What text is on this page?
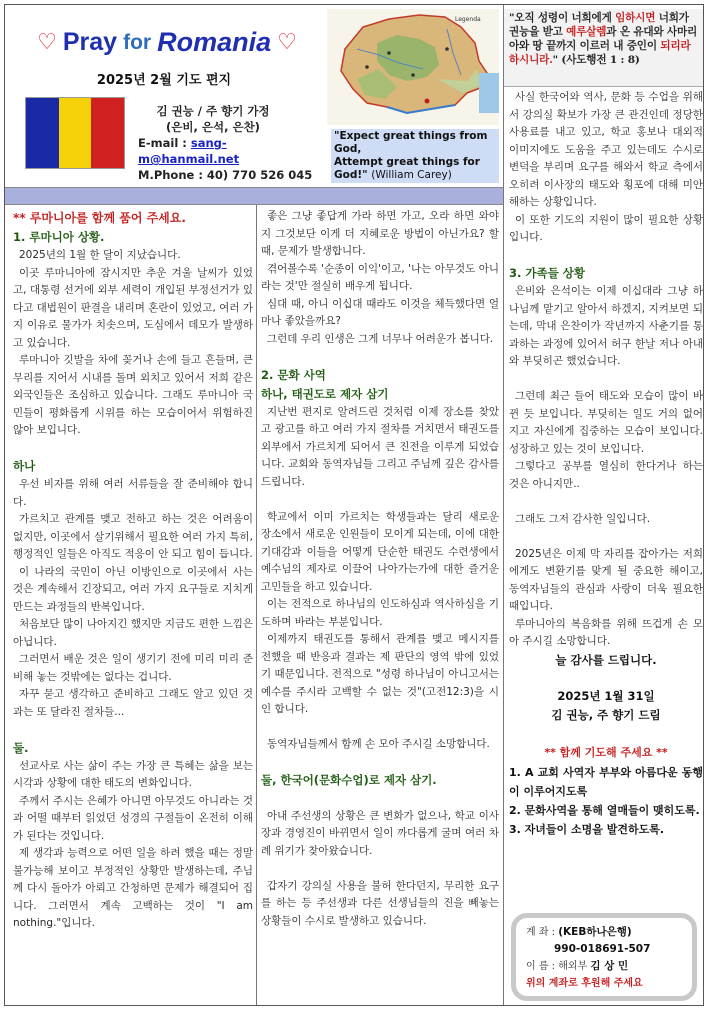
♡ Pray for Romania ♡
2025년 2월 기도 편지
김 권능 / 주 향기 가정
(은비, 은석, 은찬)
E-mail : sang-m@hanmail.net
M.Phone : 40) 770 526 045
Legenda
"Expect great things from God,
Attempt great things for God!" (William Carey)
"오직 성령이 너희에게 임하시면 너희가 권능을 받고 예루살렘과 온 유대와 사마리아와 땅 끝까지 이르러 내 증인이 되리라 하시니라." (사도행전 1 : 8)
** 루마니아를 함께 품어 주세요.
1. 루마니아 상황.

2025년의 1월 한 달이 지났습니다.

이곳 루마니아에 잠시지만 추운 겨울 날씨가 있었고, 대통령 선거에 외부 세력이 개입된 부정선거가 있다고 대법원이 판결을 내리며 혼란이 있었고, 여러 가지 이유로 물가가 치솟으며, 도심에서 데모가 발생하고 있습니다.

루마니아 깃발을 차에 꽂거나 손에 들고 흔들며, 큰 무리를 지어서 시내를 돌며 외치고 있어서 저희 같은 외국인들은 조심하고 있습니다. 그래도 루마니아 국민들이 평화롭게 시위를 하는 모습이어서 위험하진 않아 보입니다.

하나

우선 비자를 위해 여러 서류들을 잘 준비해야 합니다.

가르치고 관계를 맺고 전하고 하는 것은 어려움이 없지만, 이곳에서 살기위해서 필요한 여러 가지 특히, 행정적인 일들은 아직도 적응이 안 되고 힘이 듭니다.

이 나라의 국민이 아닌 이방인으로 이곳에서 사는 것은 계속해서 긴장되고, 여러 가지 요구들로 지치게 만드는 과정들의 반복입니다.

처음보단 많이 나아지긴 했지만 지금도 편한 느낌은 아닙니다.

그러면서 배운 것은 일이 생기기 전에 미리 미리 준비해 놓는 것밖에는 없다는 겁니다.

자꾸 묻고 생각하고 준비하고 그래도 알고 있던 것과는 또 달라진 절차들...

둘.

선교사로 사는 삶이 주는 가장 큰 특혜는 삶을 보는 시각과 상황에 대한 태도의 변화입니다.

주께서 주시는 은혜가 아니면 아무것도 아니라는 것과 어떨 때부터 읽었던 성경의 구절들이 온전히 이해가 된다는 것입니다.

제 생각과 능력으로 어떤 일을 하려 했을 때는 정말 불가능해 보이고 부정적인 상황만 발생하는데, 주님께 다시 돌아가 아뢰고 간청하면 문제가 해결되어 집니다. 그러면서 계속 고백하는 것이 "I am nothing."입니다.

좋은 그냥 좋답게 가라 하면 가고, 오라 하면 와야지 그것보단 이게 더 지혜로운 방법이 아닌가요? 할 때, 문제가 발생합니다.

겪어볼수록 '순종이 이익'이고, '나는 아무것도 아니라는 것'만 절실히 배우게 됩니다.

심대 때, 아니 이십대 때라도 이것을 체득했다면 얼마나 좋았을까요?

그런데 우리 인생은 그게 너무나 어려운가 봅니다.

2. 문화 사역
하나, 태권도로 제자 삼기

지난번 편지로 알려드린 것처럼 이제 장소를 찾았고 광고를 하고 여러 가지 절차를 거치면서 태권도를 외부에서 가르치게 되어서 큰 진전을 이루게 되었습니다. 교회와 동역자님들 그리고 주님께 깊은 감사를 드립니다.

학교에서 이미 가르치는 학생들과는 달리 새로운 장소에서 새로운 인원들이 모이게 되는데, 이에 대한 기대감과 이들을 어떻게 단순한 태권도 수련생에서 예수님의 제자로 이끌어 나아가는가에 대한 즐거운 고민들을 하고 있습니다.

이는 전적으로 하나님의 인도하심과 역사하심을 기도하며 바라는 부분입니다.

이제까지 태권도를 통해서 관계를 맺고 메시지를 전했을 때 반응과 결과는 제 판단의 영역 밖에 있었기 때문입니다. 전적으로 "성령 하나님이 아니고서는 예수를 주시라 고백할 수 없는 것"(고전12:3)을 시인 합니다.

동역자님들께서 함께 손 모아 주시길 소망합니다.

둘, 한국어(문화수업)로 제자 삼기.

아내 주선생의 상황은 큰 변화가 없으나, 학교 이사장과 경영진이 바뀌면서 일이 까다롭게 굴며 여러 차례 위기가 찾아왔습니다.

갑자기 강의실 사용을 불허 한다던지, 무리한 요구를 하는 등 주선생과 다른 선생님들의 진을 빼놓는 상황들이 수시로 발생하고 있습니다.

사실 한국어와 역사, 문화 등 수업을 위해서 강의실 확보가 가장 큰 관건인데 정당한 사용료를 내고 있고, 학교 홍보나 대외적 이미지에도 도움을 주고 있는데도 수시로 변덕을 부리며 요구를 해와서 학교 측에서 오히려 이사장의 태도와 횡포에 대해 미안해하는 상황입니다.

이 또한 기도의 지원이 많이 필요한 상황입니다.

3. 가족들 상황

은비와 은석이는 이제 이십대라 그냥 하나님께 맡기고 알아서 하겠지, 지켜보면 되는데, 막내 은찬이가 작년까지 사춘기를 통과하는 과정에 있어서 허구 한날 저나 아내와 부딪히곤 했었습니다.

그런데 최근 들어 태도와 모습이 많이 바뀐 듯 보입니다. 부딪히는 일도 거의 없어지고 자신에게 집중하는 모습이 보입니다. 성장하고 있는 것이 보입니다.

그렇다고 공부를 열심히 한다거나 하는 것은 아니지만..

그래도 그저 감사한 일입니다.

2025년은 이제 막 자리를 잡아가는 저희에게도 변환기를 맞게 될 중요한 해이고, 동역자님들의 관심과 사랑이 더욱 필요한 때입니다.

루마니아의 복음화를 위해 뜨겁게 손 모아 주시길 소망합니다.

늘 감사를 드립니다.

2025년 1월 31일

김 권능, 주 향기 드림

** 함께 기도해 주세요 **

1. A 교회 사역자 부부와 아름다운 동행이 이루어지도록

2. 문화사역을 통해 열매들이 맺히도록.

3. 자녀들이 소명을 발견하도록.

계 좌 : (KEB하나은행)
990-018691-507
이 름 : 해외부 김 상 민
위의 계좌로 후원해 주세요
